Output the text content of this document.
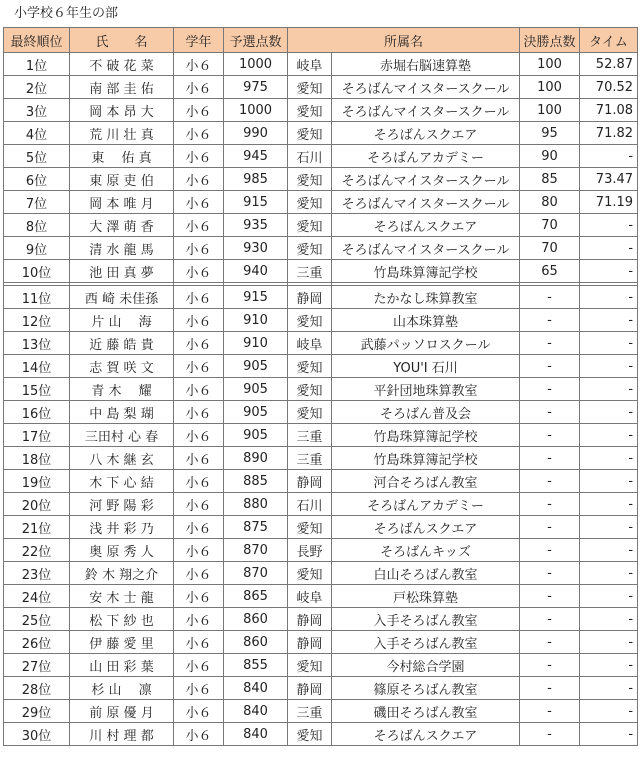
小学校６年生の部
最終順位	氏　　名	学年	予選点数	所属名		決勝点数	タイム
1位	不 破 花 菜	小６	1000	岐阜	赤堀右脳速算塾	100	52.87
2位	南 部 圭 佑	小６	975	愛知	そろばんマイスタースクール	100	70.52
3位	岡 本 昂 大	小６	1000	愛知	そろばんマイスタースクール	100	71.08
4位	荒 川 壮 真	小６	990	愛知	そろばんスクエア	95	71.82
5位	東　 佑 真	小６	945	石川	そろばんアカデミー	90	-
6位	東 原 吏 伯	小６	985	愛知	そろばんマイスタースクール	85	73.47
7位	岡 本 唯 月	小６	915	愛知	そろばんマイスタースクール	80	71.19
8位	大 澤 萌 香	小６	935	愛知	そろばんスクエア	70	-
9位	清 水 龍 馬	小６	930	愛知	そろばんマイスタースクール	70	-
10位	池 田 真 夢	小６	940	三重	竹島珠算簿記学校	65	-

11位	西 崎 未佳孫	小６	915	静岡	たかなし珠算教室	-	-
12位	片 山　 海	小６	910	愛知	山本珠算塾	-	-
13位	近 藤 皓 貴	小６	910	岐阜	武藤パッソロスクール	-	-
14位	志 賀 咲 文	小６	905	愛知	YOU'I 石川	-	-
15位	青 木　 耀	小６	905	愛知	平針団地珠算教室	-	-
16位	中 島 梨 瑚	小６	905	愛知	そろばん普及会	-	-
17位	三田村 心 春	小６	905	三重	竹島珠算簿記学校	-	-
18位	八 木 継 玄	小６	890	三重	竹島珠算簿記学校	-	-
19位	木 下 心 結	小６	885	静岡	河合そろばん教室	-	-
20位	河 野 陽 彩	小６	880	石川	そろばんアカデミー	-	-
21位	浅 井 彩 乃	小６	875	愛知	そろばんスクエア	-	-
22位	奥 原 秀 人	小６	870	長野	そろばんキッズ	-	-
23位	鈴 木 翔之介	小６	870	愛知	白山そろばん教室	-	-
24位	安 木 士 龍	小６	865	岐阜	戸松珠算塾	-	-
25位	松 下 紗 也	小６	860	静岡	入手そろばん教室	-	-
26位	伊 藤 愛 里	小６	860	静岡	入手そろばん教室	-	-
27位	山 田 彩 葉	小６	855	愛知	今村総合学園	-	-
28位	杉 山　 凛	小６	840	静岡	篠原そろばん教室	-	-
29位	前 原 優 月	小６	840	三重	磯田そろばん教室	-	-
30位	川 村 理 都	小６	840	愛知	そろばんスクエア	-	-
